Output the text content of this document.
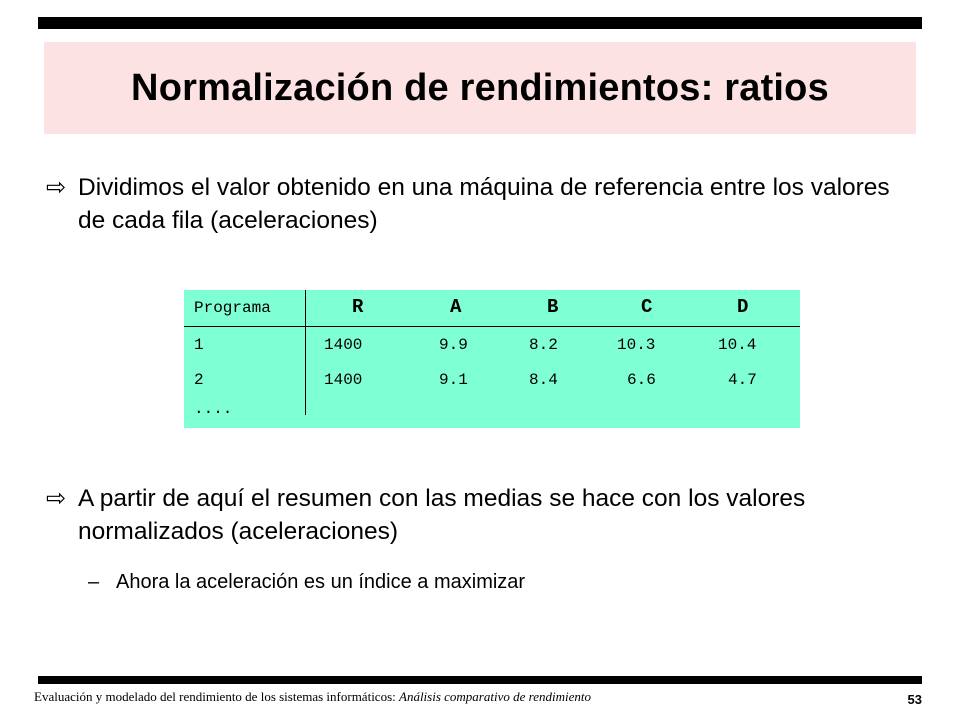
Normalización de rendimientos: ratios
⇨ Dividimos el valor obtenido en una máquina de referencia entre los valores de cada fila (aceleraciones)
Programa	R	A	B	C	D
1	1400	9.9	8.2	10.3	10.4
2	1400	9.1	8.4	6.6	4.7
....
⇨ A partir de aquí el resumen con las medias se hace con los valores normalizados (aceleraciones)
– Ahora la aceleración es un índice a maximizar
Evaluación y modelado del rendimiento de los sistemas informáticos: Análisis comparativo de rendimiento	53
